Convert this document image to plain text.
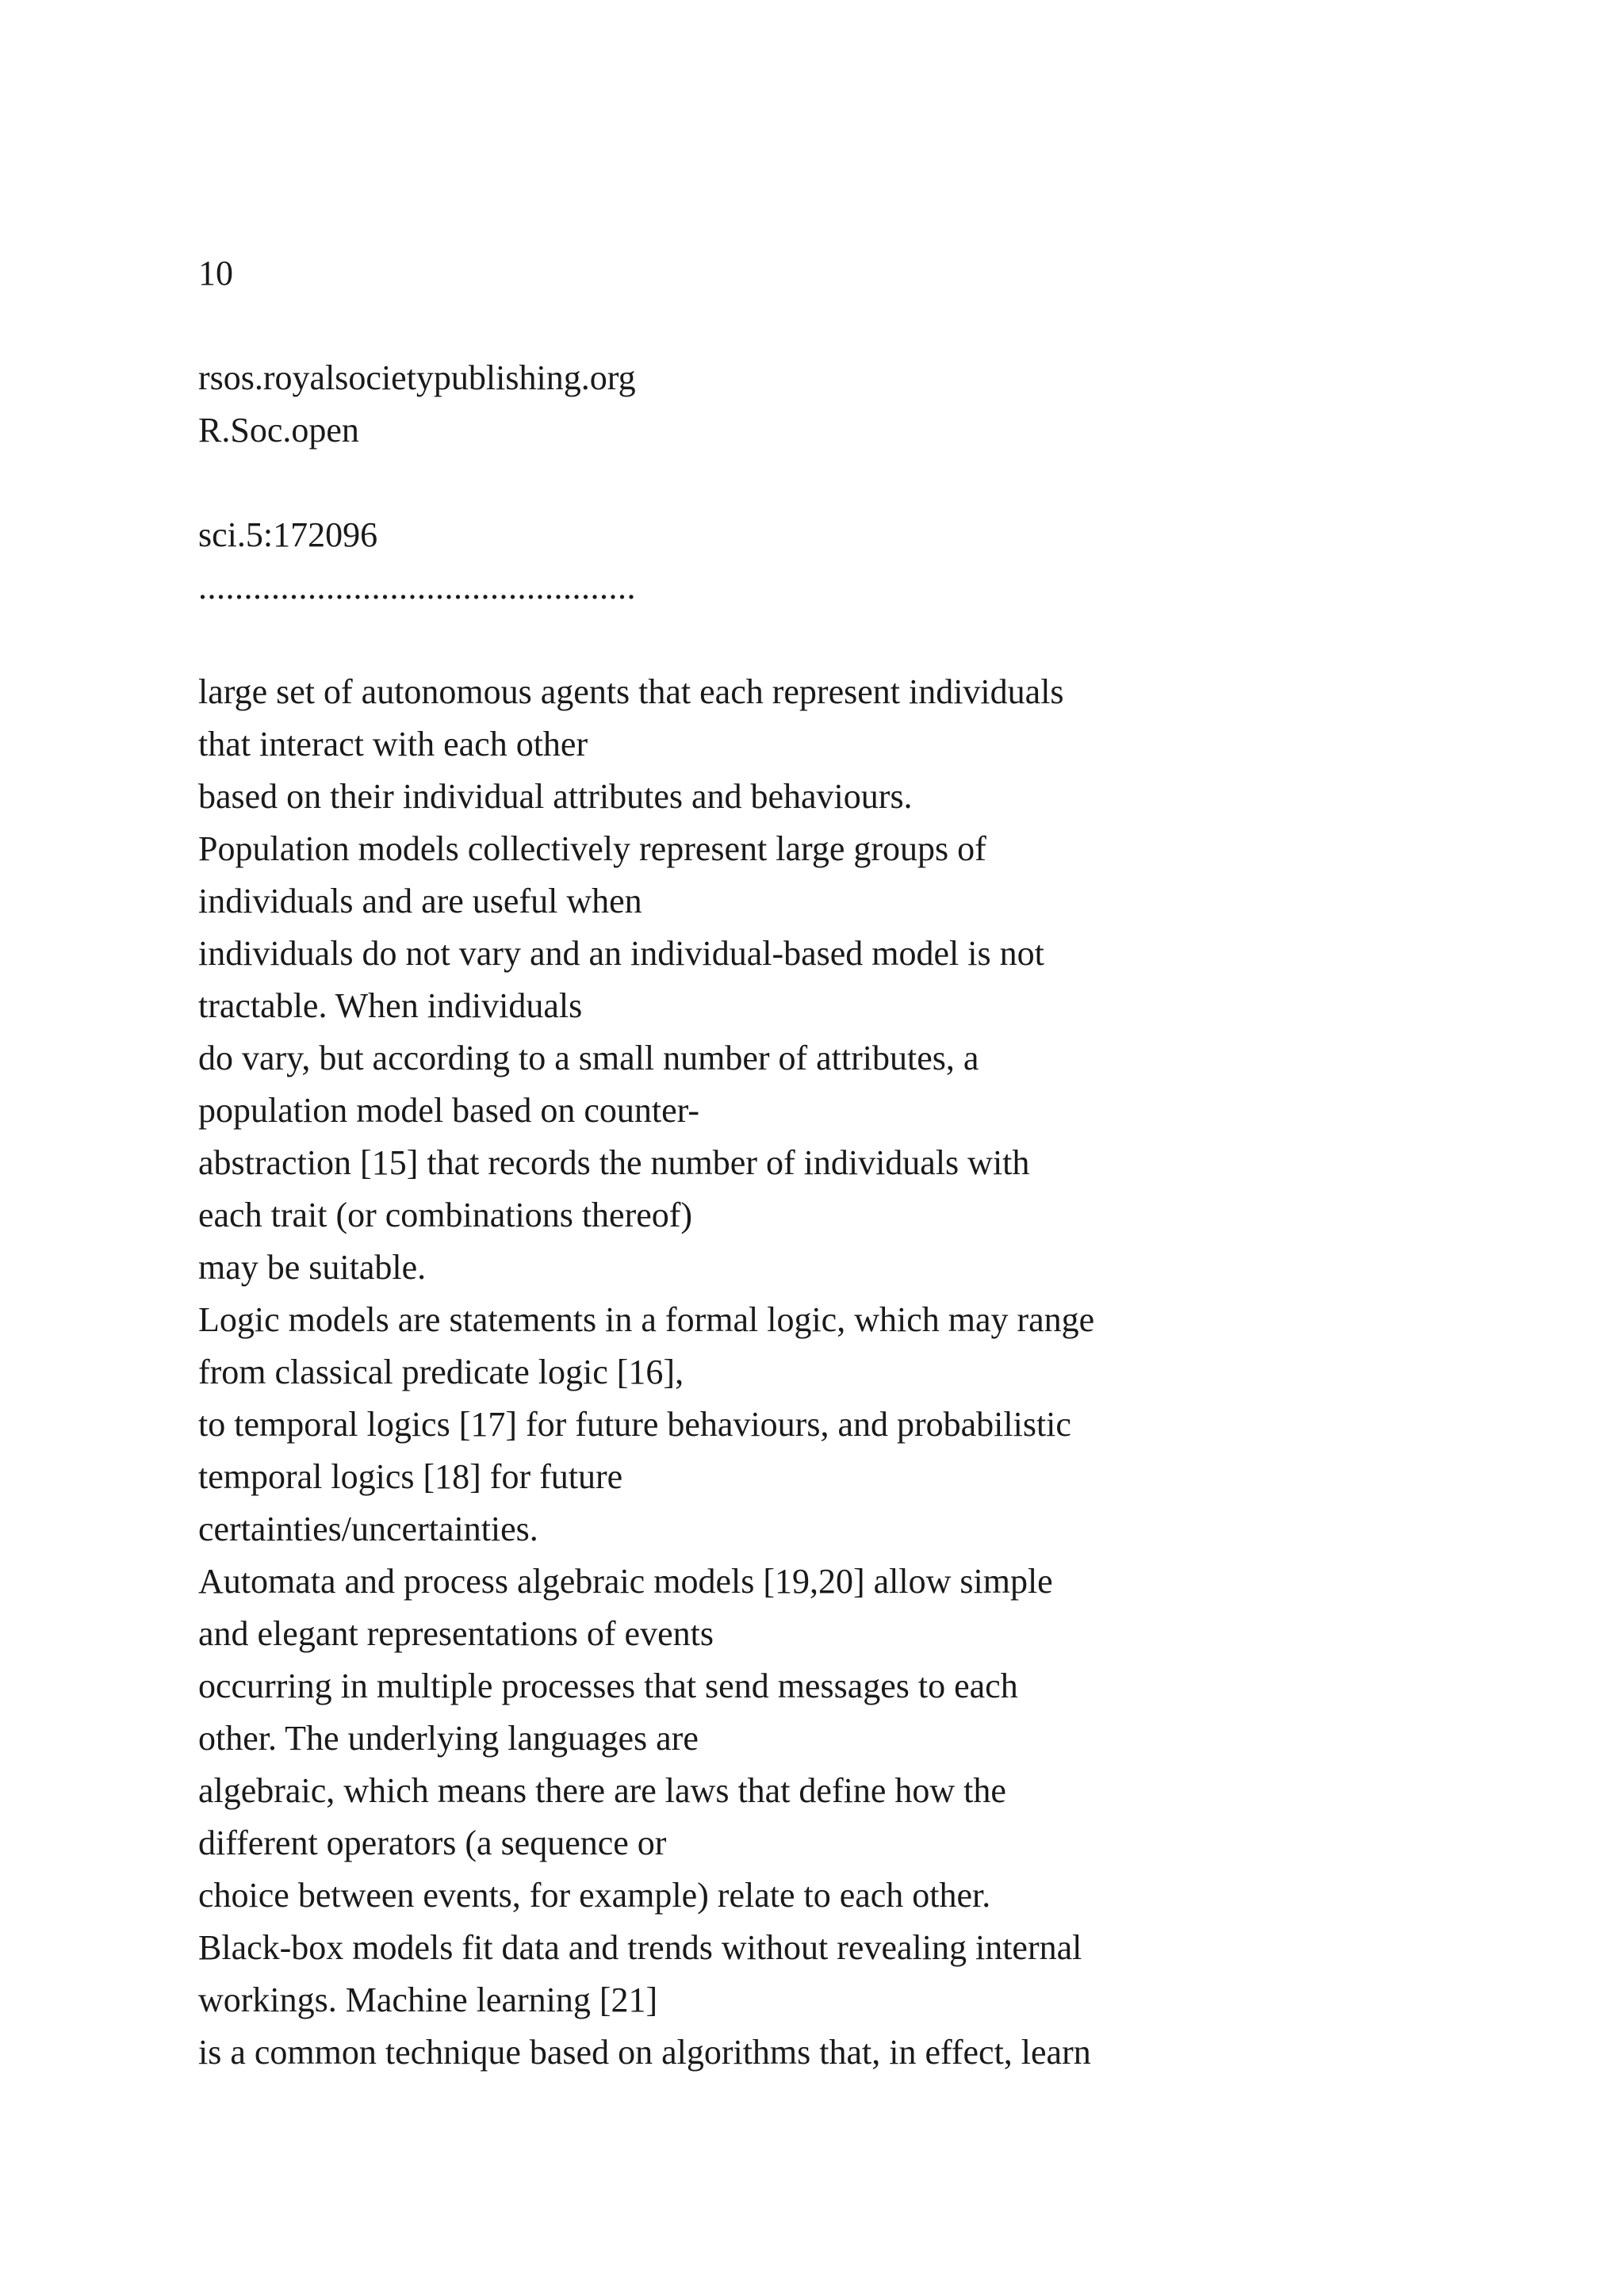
10
rsos.royalsocietypublishing.org
R.Soc.open
sci.5:172096
................................................
large set of autonomous agents that each represent individuals
that interact with each other
based on their individual attributes and behaviours.
Population models collectively represent large groups of
individuals and are useful when
individuals do not vary and an individual-based model is not
tractable. When individuals
do vary, but according to a small number of attributes, a
population model based on counter-
abstraction [15] that records the number of individuals with
each trait (or combinations thereof)
may be suitable.
Logic models are statements in a formal logic, which may range
from classical predicate logic [16],
to temporal logics [17] for future behaviours, and probabilistic
temporal logics [18] for future
certainties/uncertainties.
Automata and process algebraic models [19,20] allow simple
and elegant representations of events
occurring in multiple processes that send messages to each
other. The underlying languages are
algebraic, which means there are laws that define how the
different operators (a sequence or
choice between events, for example) relate to each other.
Black-box models fit data and trends without revealing internal
workings. Machine learning [21]
is a common technique based on algorithms that, in effect, learn
